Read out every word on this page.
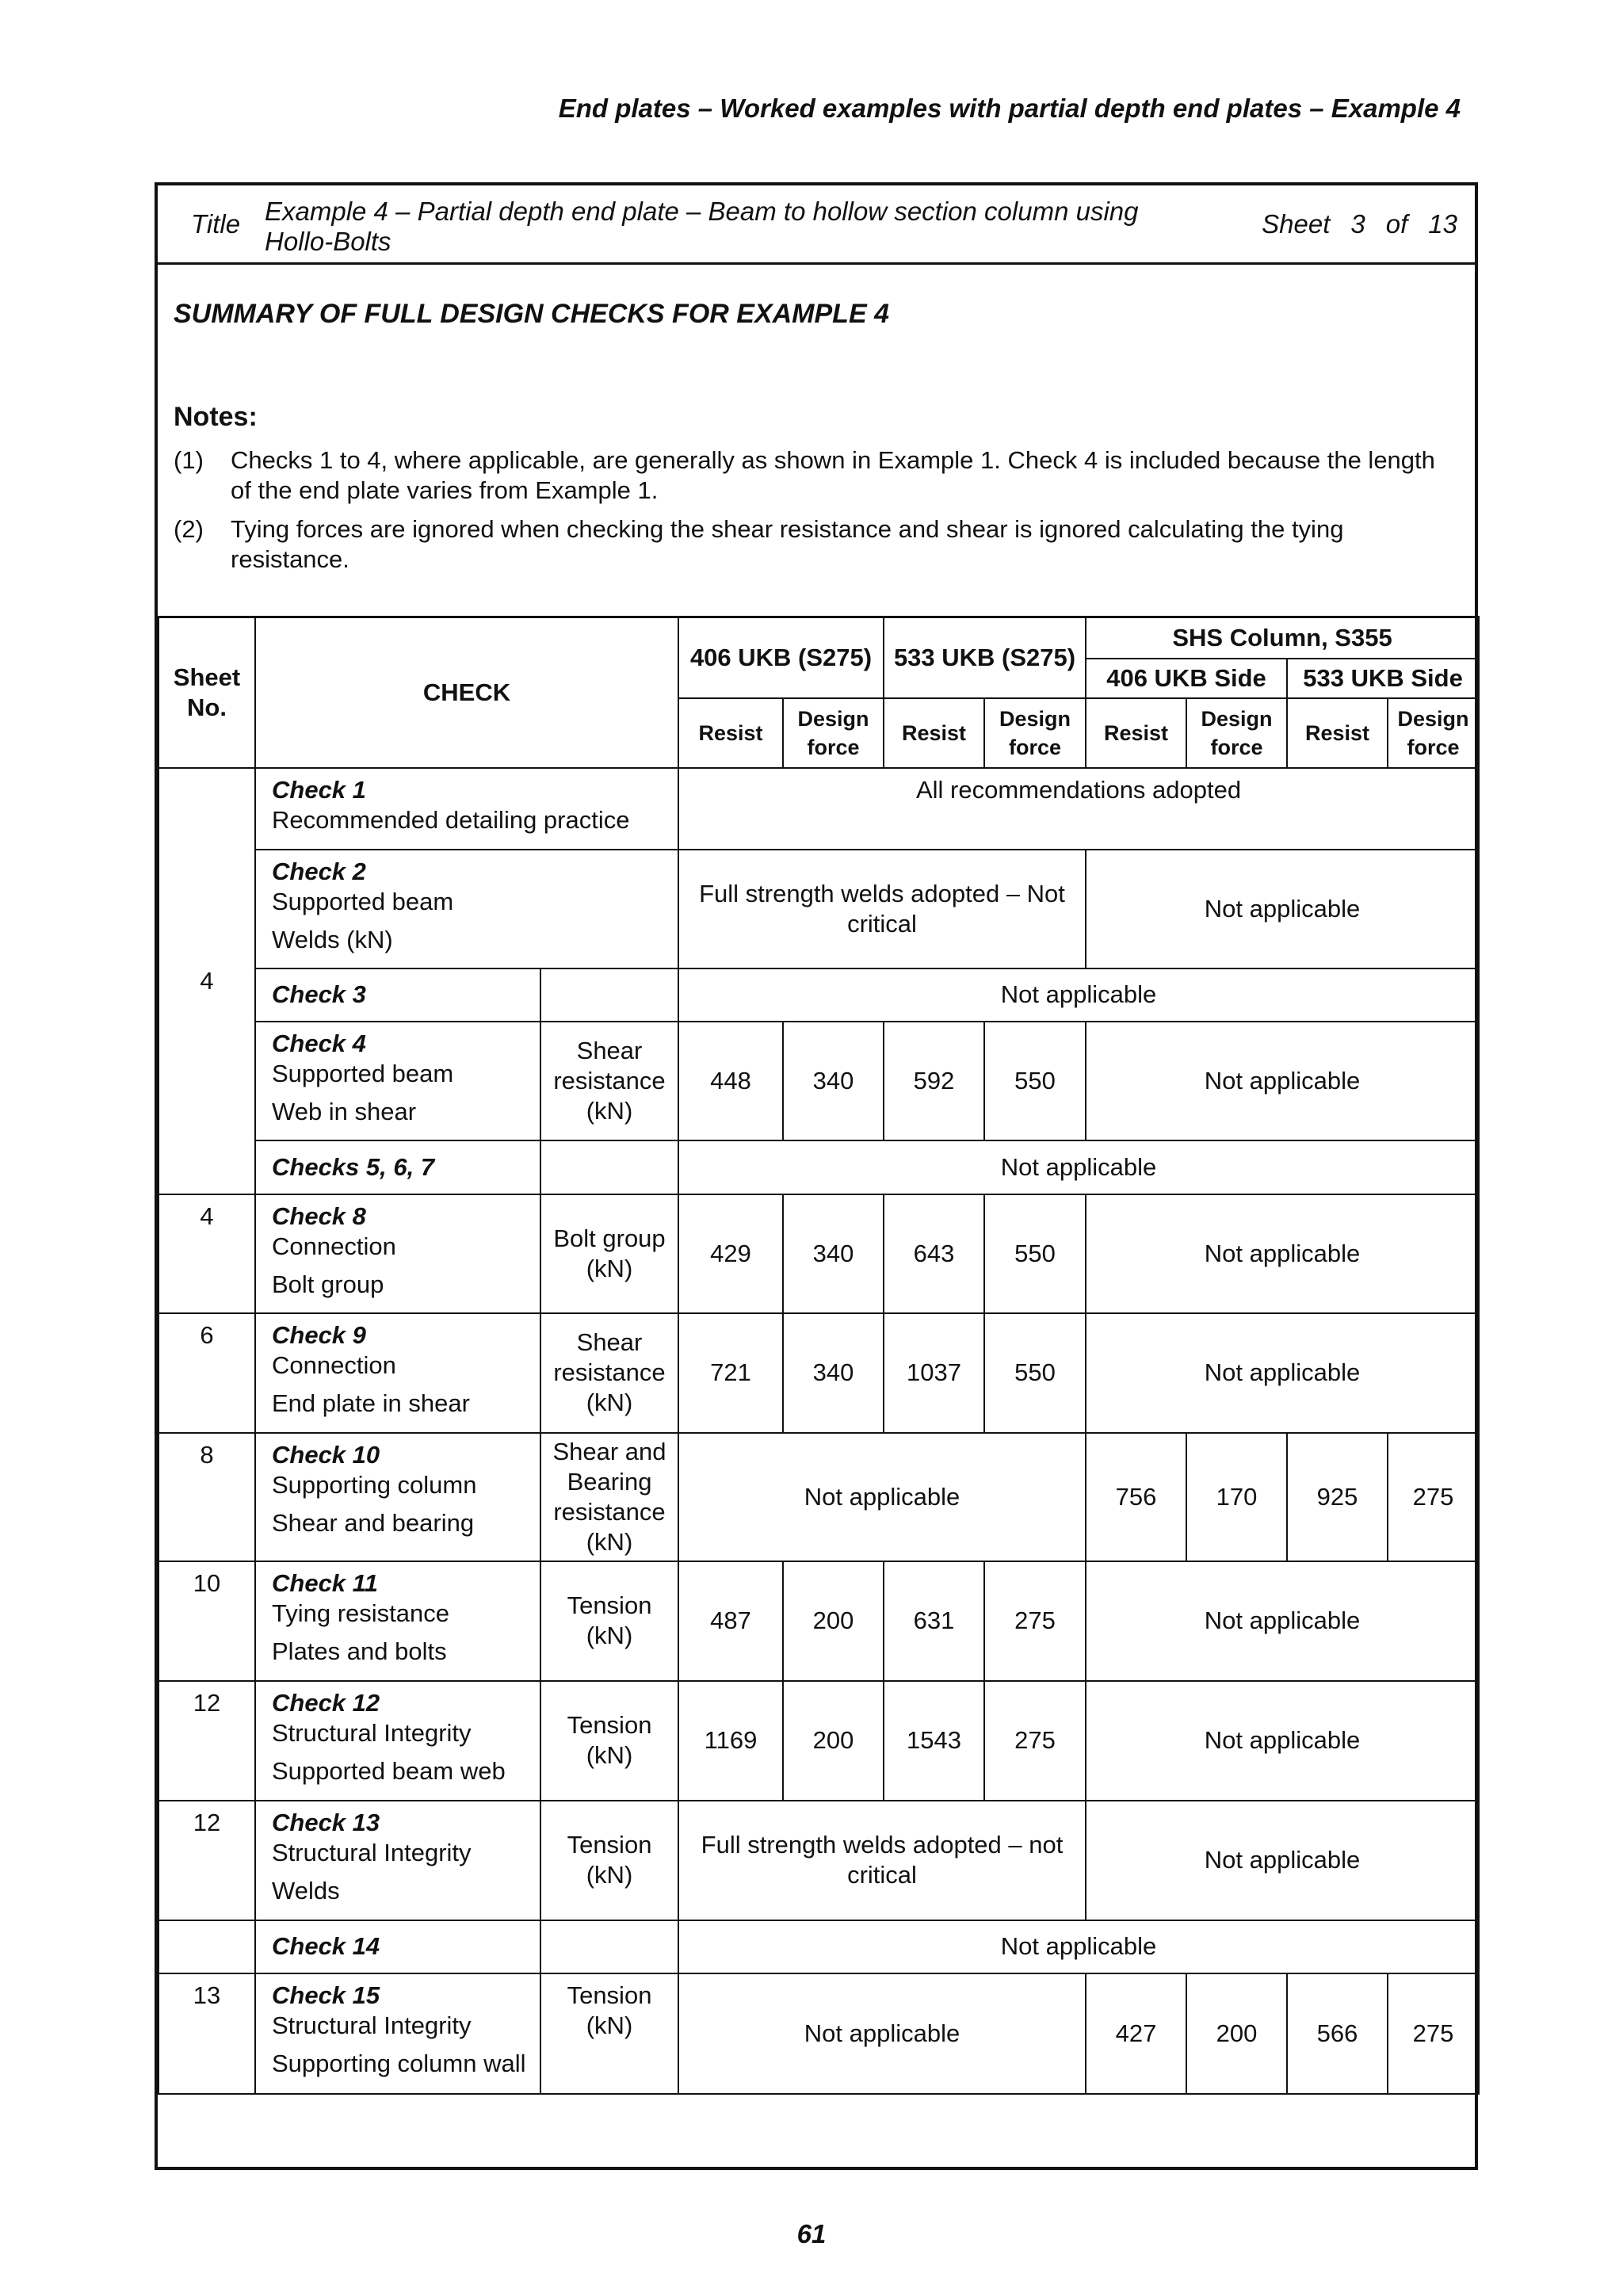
End plates – Worked examples with partial depth end plates – Example 4
Title Example 4 – Partial depth end plate – Beam to hollow section column using Hollo-Bolts
Sheet 3 of 13
SUMMARY OF FULL DESIGN CHECKS FOR EXAMPLE 4
Notes:
(1) Checks 1 to 4, where applicable, are generally as shown in Example 1. Check 4 is included because the length of the end plate varies from Example 1.
(2) Tying forces are ignored when checking the shear resistance and shear is ignored calculating the tying resistance.
Sheet No.	CHECK		406 UKB (S275)		533 UKB (S275)		SHS Column, S355			
							406 UKB Side		533 UKB Side	
			Resist	Design force	Resist	Design force	Resist	Design force	Resist	Design force
4	Check 1
Recommended detailing practice		All recommendations adopted							

	Check 2
Supported beam
Welds (kN)		Full strength welds adopted – Not critical				Not applicable			
	Check 3		Not applicable							

	Check 4
Supported beam
Web in shear	Shear resistance (kN)	448	340	592	550	Not applicable			
	Checks 5, 6, 7		Not applicable							
4	Check 8
Connection
Bolt group	Bolt group (kN)	429	340	643	550	Not applicable			
6	Check 9
Connection
End plate in shear	Shear resistance (kN)	721	340	1037	550	Not applicable			
8	Check 10
Supporting column
Shear and bearing	Shear and Bearing resistance (kN)	Not applicable				756	170	925	275
10	Check 11
Tying resistance
Plates and bolts	Tension (kN)	487	200	631	275	Not applicable			
12	Check 12
Structural Integrity
Supported beam web	Tension (kN)	1169	200	1543	275	Not applicable			
12	Check 13
Structural Integrity
Welds	Tension (kN)	Full strength welds adopted – not critical				Not applicable			
	Check 14		Not applicable							
13	Check 15
Structural Integrity
Supporting column wall	Tension (kN)	Not applicable				427	200	566	275
61
